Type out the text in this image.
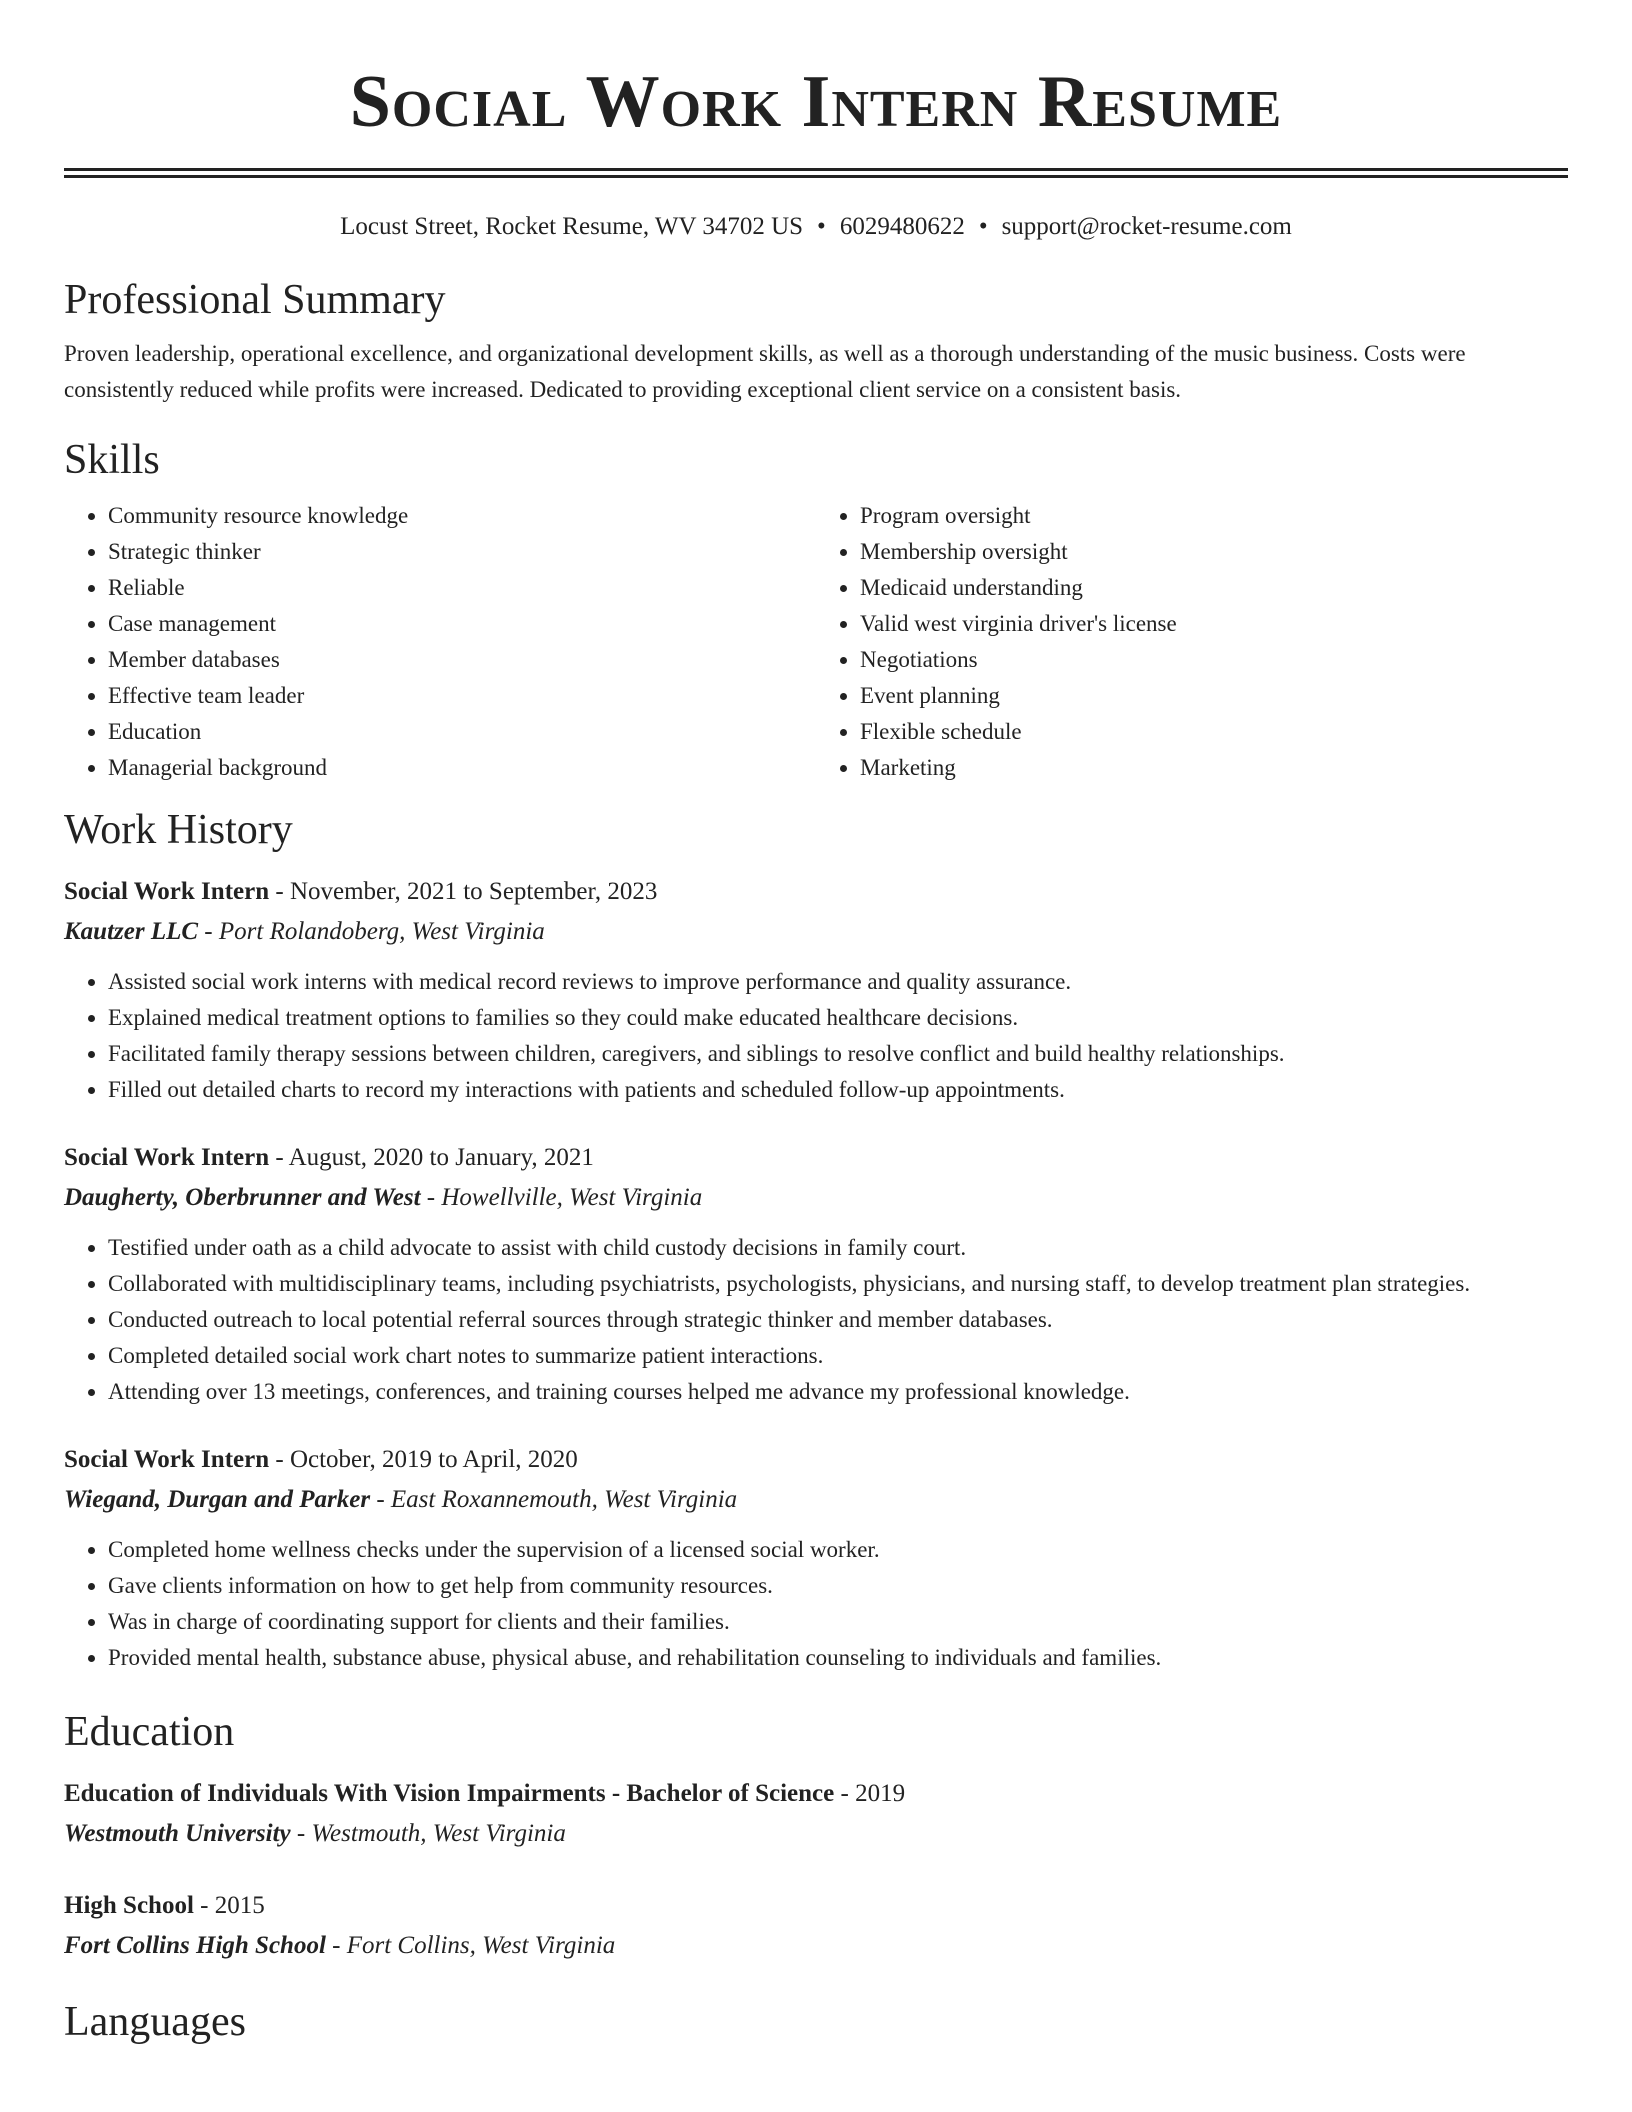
Social Work Intern Resume
Locust Street, Rocket Resume, WV 34702 US • 6029480622 • support@rocket-resume.com
Professional Summary

Proven leadership, operational excellence, and organizational development skills, as well as a thorough understanding of the music business. Costs were consistently reduced while profits were increased. Dedicated to providing exceptional client service on a consistent basis.

Skills
• Community resource knowledge
• Strategic thinker
• Reliable
• Case management
• Member databases
• Effective team leader
• Education
• Managerial background
• Program oversight
• Membership oversight
• Medicaid understanding
• Valid west virginia driver's license
• Negotiations
• Event planning
• Flexible schedule
• Marketing
Work History
Social Work Intern - November, 2021 to September, 2023
Kautzer LLC - Port Rolandoberg, West Virginia
• Assisted social work interns with medical record reviews to improve performance and quality assurance.
• Explained medical treatment options to families so they could make educated healthcare decisions.
• Facilitated family therapy sessions between children, caregivers, and siblings to resolve conflict and build healthy relationships.
• Filled out detailed charts to record my interactions with patients and scheduled follow-up appointments.
Social Work Intern - August, 2020 to January, 2021
Daugherty, Oberbrunner and West - Howellville, West Virginia
• Testified under oath as a child advocate to assist with child custody decisions in family court.
• Collaborated with multidisciplinary teams, including psychiatrists, psychologists, physicians, and nursing staff, to develop treatment plan strategies.
• Conducted outreach to local potential referral sources through strategic thinker and member databases.
• Completed detailed social work chart notes to summarize patient interactions.
• Attending over 13 meetings, conferences, and training courses helped me advance my professional knowledge.
Social Work Intern - October, 2019 to April, 2020
Wiegand, Durgan and Parker - East Roxannemouth, West Virginia
• Completed home wellness checks under the supervision of a licensed social worker.
• Gave clients information on how to get help from community resources.
• Was in charge of coordinating support for clients and their families.
• Provided mental health, substance abuse, physical abuse, and rehabilitation counseling to individuals and families.
Education
Education of Individuals With Vision Impairments - Bachelor of Science - 2019
Westmouth University - Westmouth, West Virginia
High School - 2015
Fort Collins High School - Fort Collins, West Virginia
Languages
